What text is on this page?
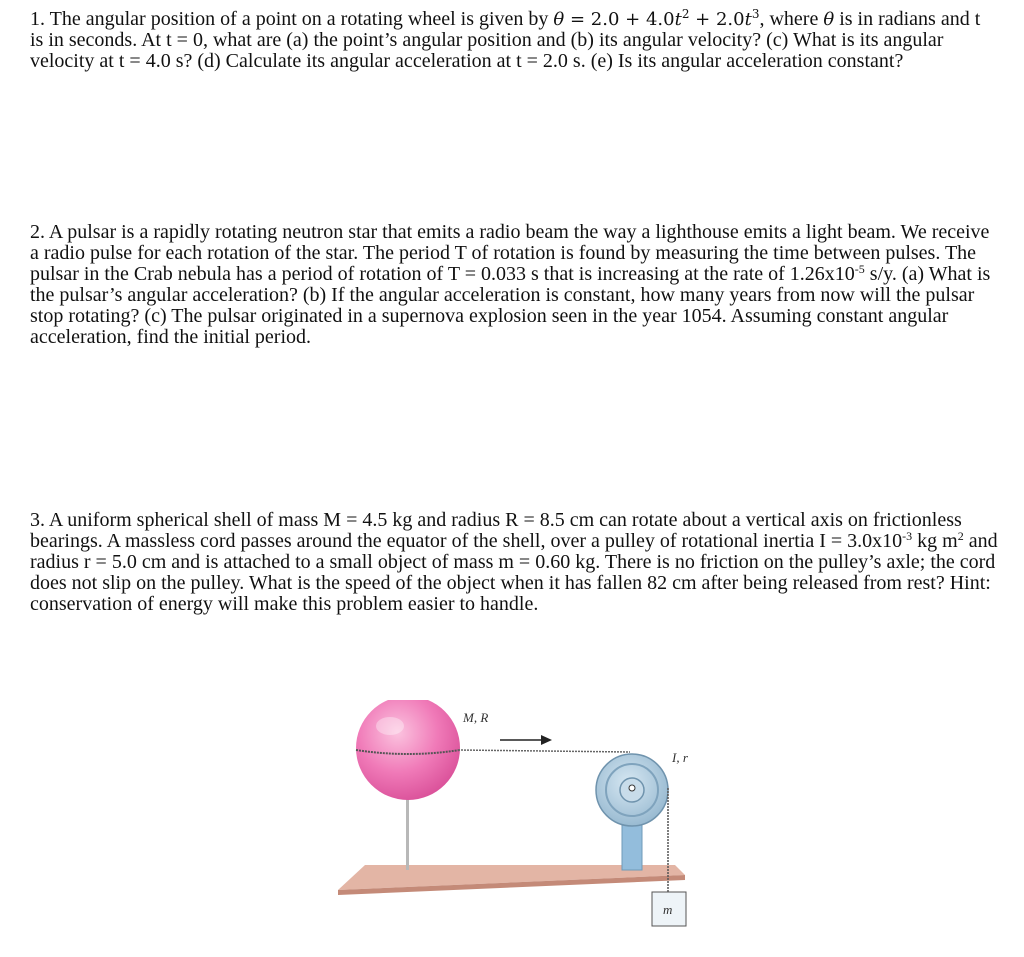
1. The angular position of a point on a rotating wheel is given by $\theta = 2.0 + 4.0t^2 + 2.0t^3$, where θ is in radians and t is in seconds. At t = 0, what are (a) the point’s angular position and (b) its angular velocity? (c) What is its angular velocity at t = 4.0 s? (d) Calculate its angular acceleration at t = 2.0 s. (e) Is its angular acceleration constant?

2. A pulsar is a rapidly rotating neutron star that emits a radio beam the way a lighthouse emits a light beam. We receive a radio pulse for each rotation of the star. The period T of rotation is found by measuring the time between pulses. The pulsar in the Crab nebula has a period of rotation of T = 0.033 s that is increasing at the rate of $1.26x10^{-5}$ s/y. (a) What is the pulsar’s angular acceleration? (b) If the angular acceleration is constant, how many years from now will the pulsar stop rotating? (c) The pulsar originated in a supernova explosion seen in the year 1054. Assuming constant angular acceleration, find the initial period.

3. A uniform spherical shell of mass M = 4.5 kg and radius R = 8.5 cm can rotate about a vertical axis on frictionless bearings. A massless cord passes around the equator of the shell, over a pulley of rotational inertia $I = 3.0x10^{-3}$ kg $m^2$ and radius r = 5.0 cm and is attached to a small object of mass m = 0.60 kg. There is no friction on the pulley’s axle; the cord does not slip on the pulley. What is the speed of the object when it has fallen 82 cm after being released from rest? Hint: conservation of energy will make this problem easier to handle.

M, R
I, r
m
